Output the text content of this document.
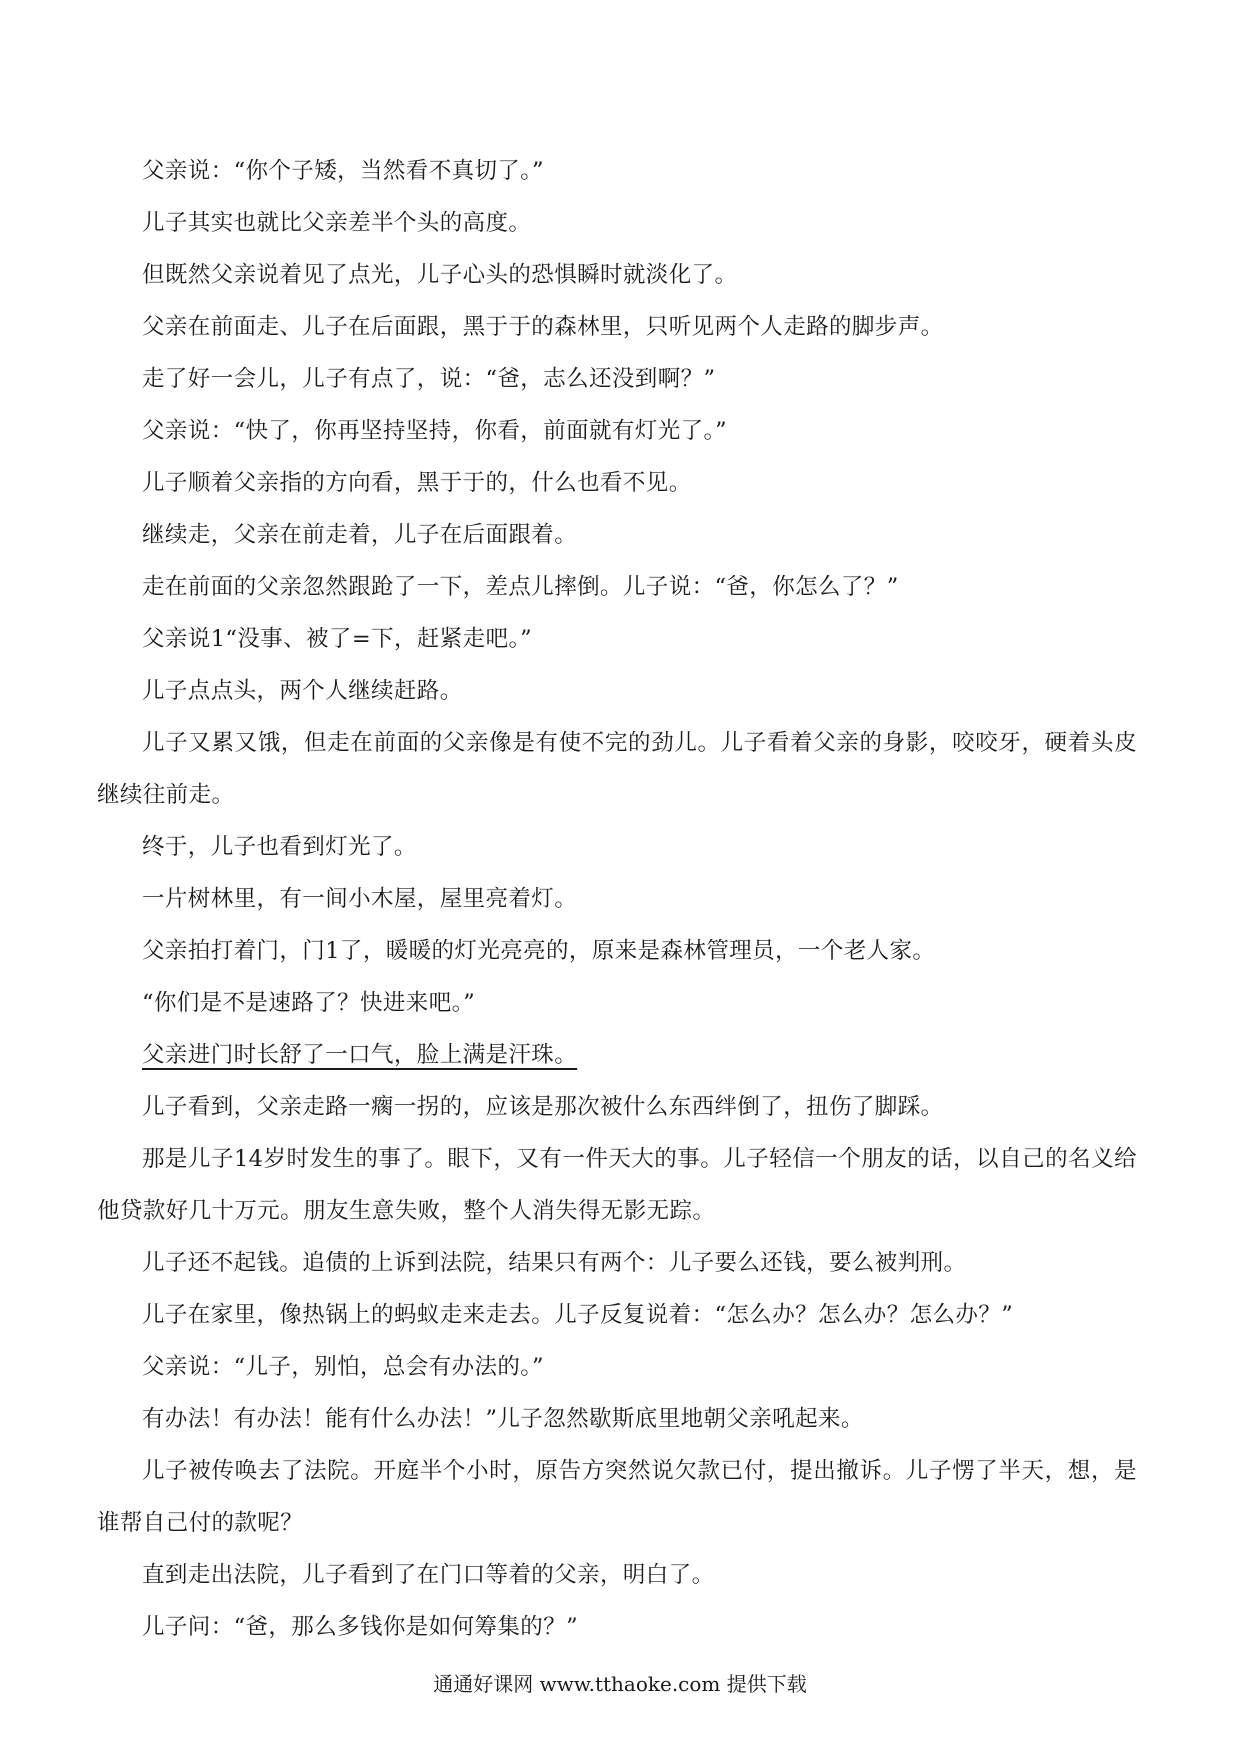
父亲说：“你个子矮，当然看不真切了。”

儿子其实也就比父亲差半个头的高度。

但既然父亲说着见了点光，儿子心头的恐惧瞬时就淡化了。

父亲在前面走、儿子在后面跟，黑于于的森林里，只听见两个人走路的脚步声。

走了好一会儿，儿子有点了，说：“爸，志么还没到啊？”

父亲说：“快了，你再坚持坚持，你看，前面就有灯光了。”

儿子顺着父亲指的方向看，黑于于的，什么也看不见。

继续走，父亲在前走着，儿子在后面跟着。

走在前面的父亲忽然跟跄了一下，差点儿摔倒。儿子说：“爸，你怎么了？”

父亲说1“没事、被了=下，赶紧走吧。”

儿子点点头，两个人继续赶路。

儿子又累又饿，但走在前面的父亲像是有使不完的劲儿。儿子看着父亲的身影，咬咬牙，硬着头皮继续往前走。

终于，儿子也看到灯光了。

一片树林里，有一间小木屋，屋里亮着灯。

父亲拍打着门，门1了，暖暖的灯光亮亮的，原来是森林管理员，一个老人家。

“你们是不是速路了？快进来吧。”

父亲进门时长舒了一口气，脸上满是汗珠。

儿子看到，父亲走路一瘸一拐的，应该是那次被什么东西绊倒了，扭伤了脚踩。

那是儿子14岁时发生的事了。眼下，又有一件天大的事。儿子轻信一个朋友的话，以自己的名义给他贷款好几十万元。朋友生意失败，整个人消失得无影无踪。

儿子还不起钱。追债的上诉到法院，结果只有两个：儿子要么还钱，要么被判刑。

儿子在家里，像热锅上的蚂蚁走来走去。儿子反复说着：“怎么办？怎么办？怎么办？”

父亲说：“儿子，别怕，总会有办法的。”

有办法！有办法！能有什么办法！”儿子忽然歇斯底里地朝父亲吼起来。

儿子被传唤去了法院。开庭半个小时，原告方突然说欠款已付，提出撤诉。儿子愣了半天，想，是谁帮自己付的款呢？

直到走出法院，儿子看到了在门口等着的父亲，明白了。

儿子问：“爸，那么多钱你是如何筹集的？”

通通好课网 www.tthaoke.com 提供下载
